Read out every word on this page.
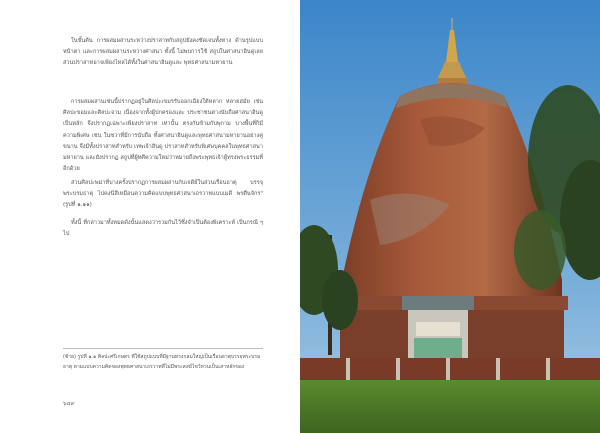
ในขั้นต้น การผสมผสานระหว่างปราสาทกับสถูปยังคงชัดเจนทั้งทาง ด้านรูปแบบหน้าตา และการผสมผสานระหว่างศาสนา ทั้งนี้ ไม่พบการใช้ สถูปในศาสนาฮินดูเลย ส่วนปราสาทอาจเพียงไหลได้ทั้งในศาสนาฮินดูและ พุทธศาสนามหายาน

การผสมผสานเช่นนี้ปรากฏอยู่ในศิลปะเขมรรับออกเฉียงใต้หลาก หลายสมัย เช่น ศิลปะขอมและศิลปะจาม เนื่องจากทั้งผู้ปกครองและ ประชาชนต่างนับถือศาสนาฮินดูเป็นหลัก จึงปรากฏเฉพาะเพียงปราสาท เท่านั้น ตรงกันข้ามกับพุกาม บางพื้นที่ก็มีความพิเศษ เช่น ในชวาที่มีการนับถือ ทั้งศาสนาฮินดูและพุทธศาสนามหายานอย่างคู่ขนาน จึงมีทั้งปราสาทสำหรับ เทพเจ้าฮินดู ปราสาทสำหรับพิเศษบุคคลในพุทธศาสนามหายาน และยังปรากฏ สถูปที่ผู้ทศีความใหม่ว่าหมายถึงพระพุทธเจ้าผู้ทรงพระธรรมที่อีกด้วย

ส่วนศิลปะพม่าที่บางครั้งปรากฏการผสมผสานกับเจดีย์ในส่วนเรือนธาตุ บรรจุพระบรมธาตุ ไปคงนีสีเหมือนความคิดแบบพุทธศาสนาเถรวาทแบบเมดี พรตืนจักร" (รูปที่ ๑.๑๑)

ทั้งนี้ ที่กล่าวมาทั้งหมดดังนั้นแสดงว่ารวมกันไว้ซึ่งจำเป็นต้องพิเคราะห์ เป็นกรณี ๆ ไป

(ซ้าย) รูปที่ ๑.๑ ศิลปะศรีเกษตร ที่ใช้สถูปแบบที่มีฐานทรงกลมใหญ่เป็นเรือนธาตุบรรจุพระบรมธาตุ ตามแบบความคิดของพุทธศาสนาเถรวาทที่ไม่มีพระสงฆ์ไขว้ทวนเป็นเสาหลักของ

๖๔๙
